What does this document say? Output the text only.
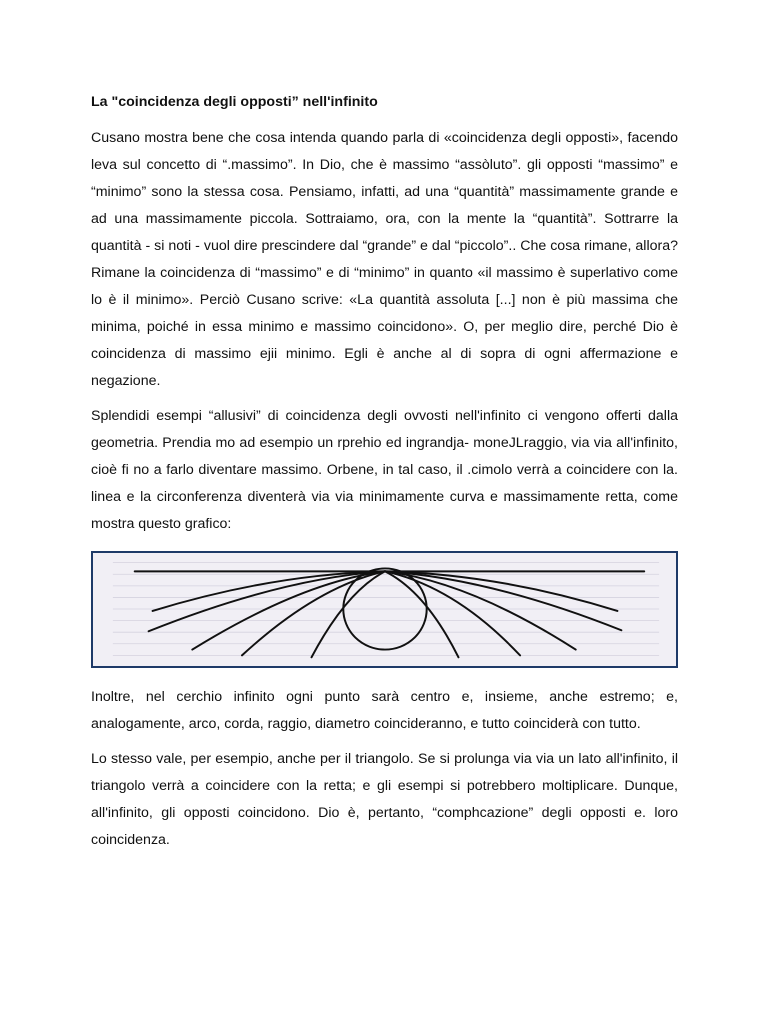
La "coincidenza degli opposti” nell'infinito

Cusano mostra bene che cosa intenda quando parla di «coincidenza degli opposti», facendo leva sul concetto di “.massimo”. In Dio, che è massimo “assòluto”. gli opposti “massimo” e “minimo” sono la stessa cosa. Pensiamo, infatti, ad una “quantità” massimamente grande e ad una massimamente piccola. Sottraiamo, ora, con la mente la “quantità”. Sottrarre la quantità - si noti - vuol dire prescindere dal “grande” e dal “piccolo”.. Che cosa rimane, allora? Rimane la coincidenza di “massimo” e di “minimo” in quanto «il massimo è superlativo come lo è il minimo». Perciò Cusano scrive: «La quantità assoluta [...] non è più massima che minima, poiché in essa minimo e massimo coincidono». O, per meglio dire, perché Dio è coincidenza di massimo ejii minimo. Egli è anche al di sopra di ogni affermazione e negazione.

Splendidi esempi “allusivi” di coincidenza degli ovvosti nell'infinito ci vengono offerti dalla geometria. Prendia mo ad esempio un rprehio ed ingrandja- moneJLraggio, via via all'infinito, cioè fi no a farlo diventare massimo. Orbene, in tal caso, il .cimolo verrà a coincidere con la. linea e la circonferenza diventerà via via minimamente curva e massimamente retta, come mostra questo grafico:

Inoltre, nel cerchio infinito ogni punto sarà centro e, insieme, anche estremo; e, analogamente, arco, corda, raggio, diametro coincideranno, e tutto coinciderà con tutto.

Lo stesso vale, per esempio, anche per il triangolo. Se si prolunga via via un lato all'infinito, il triangolo verrà a coincidere con la retta; e gli esempi si potrebbero moltiplicare. Dunque, all'infinito, gli opposti coincidono. Dio è, pertanto, “comphcazione” degli opposti e. loro coincidenza.
